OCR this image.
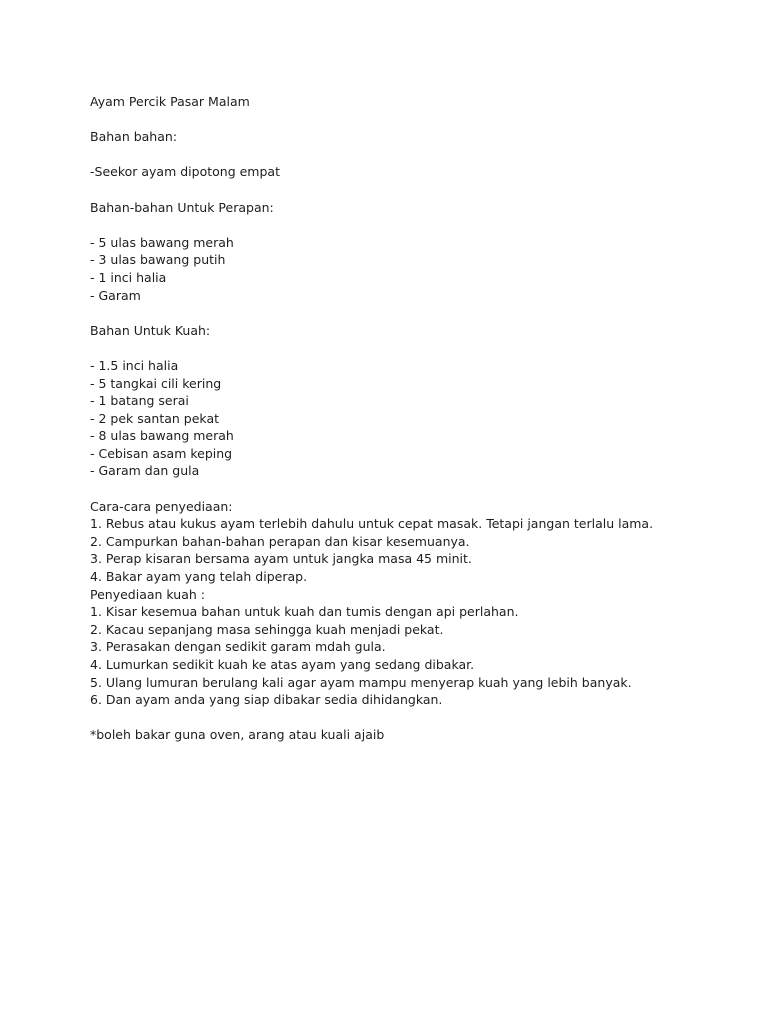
Ayam Percik Pasar Malam
Bahan bahan:
-Seekor ayam dipotong empat
Bahan-bahan Untuk Perapan:
- 5 ulas bawang merah
- 3 ulas bawang putih
- 1 inci halia
- Garam
Bahan Untuk Kuah:
- 1.5 inci halia
- 5 tangkai cili kering
- 1 batang serai
- 2 pek santan pekat
- 8 ulas bawang merah
- Cebisan asam keping
- Garam dan gula
Cara-cara penyediaan:
1. Rebus atau kukus ayam terlebih dahulu untuk cepat masak. Tetapi jangan terlalu lama.
2. Campurkan bahan-bahan perapan dan kisar kesemuanya.
3. Perap kisaran bersama ayam untuk jangka masa 45 minit.
4. Bakar ayam yang telah diperap.
Penyediaan kuah :
1. Kisar kesemua bahan untuk kuah dan tumis dengan api perlahan.
2. Kacau sepanjang masa sehingga kuah menjadi pekat.
3. Perasakan dengan sedikit garam mdah gula.
4. Lumurkan sedikit kuah ke atas ayam yang sedang dibakar.
5. Ulang lumuran berulang kali agar ayam mampu menyerap kuah yang lebih banyak.
6. Dan ayam anda yang siap dibakar sedia dihidangkan.
*boleh bakar guna oven, arang atau kuali ajaib
